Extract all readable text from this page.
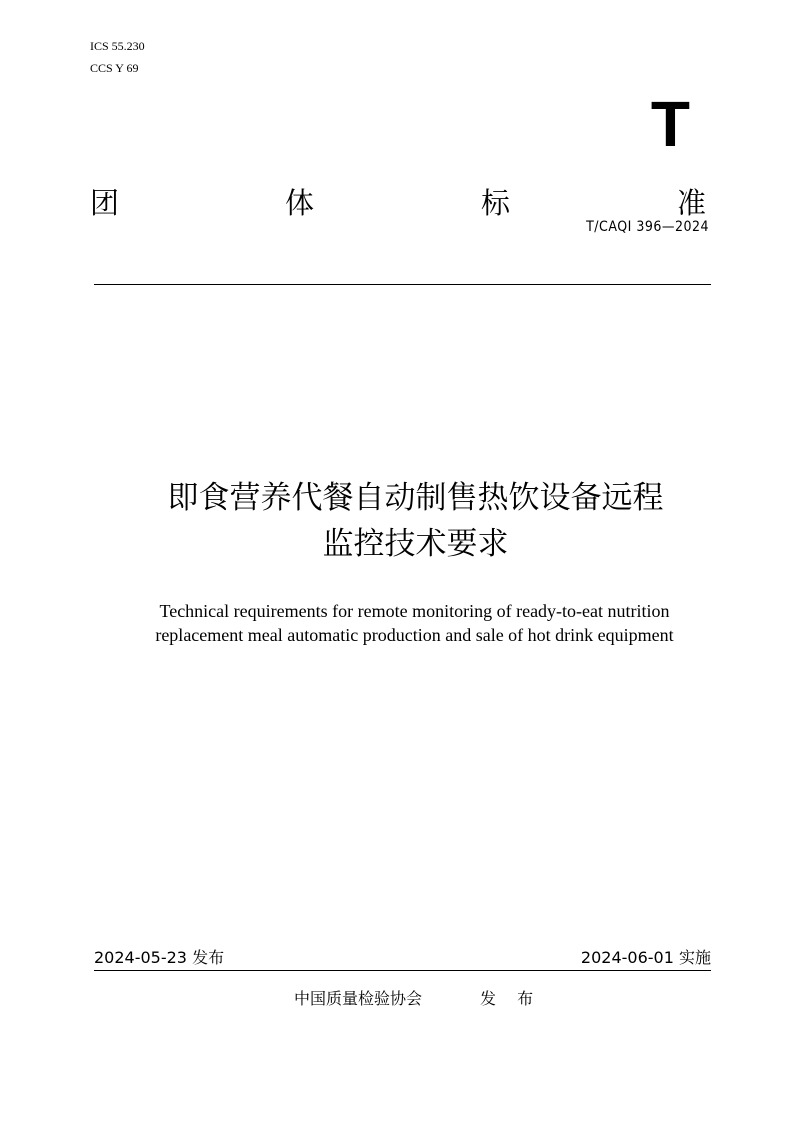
ICS 55.230
CCS Y 69
T
团	体	标	准
T/CAQI 396—2024
即食营养代餐自动制售热饮设备远程
监控技术要求
Technical requirements for remote monitoring of ready-to-eat nutrition
replacement meal automatic production and sale of hot drink equipment
2024-05-23 发布	2024-06-01 实施
中国质量检验协会	发 布
